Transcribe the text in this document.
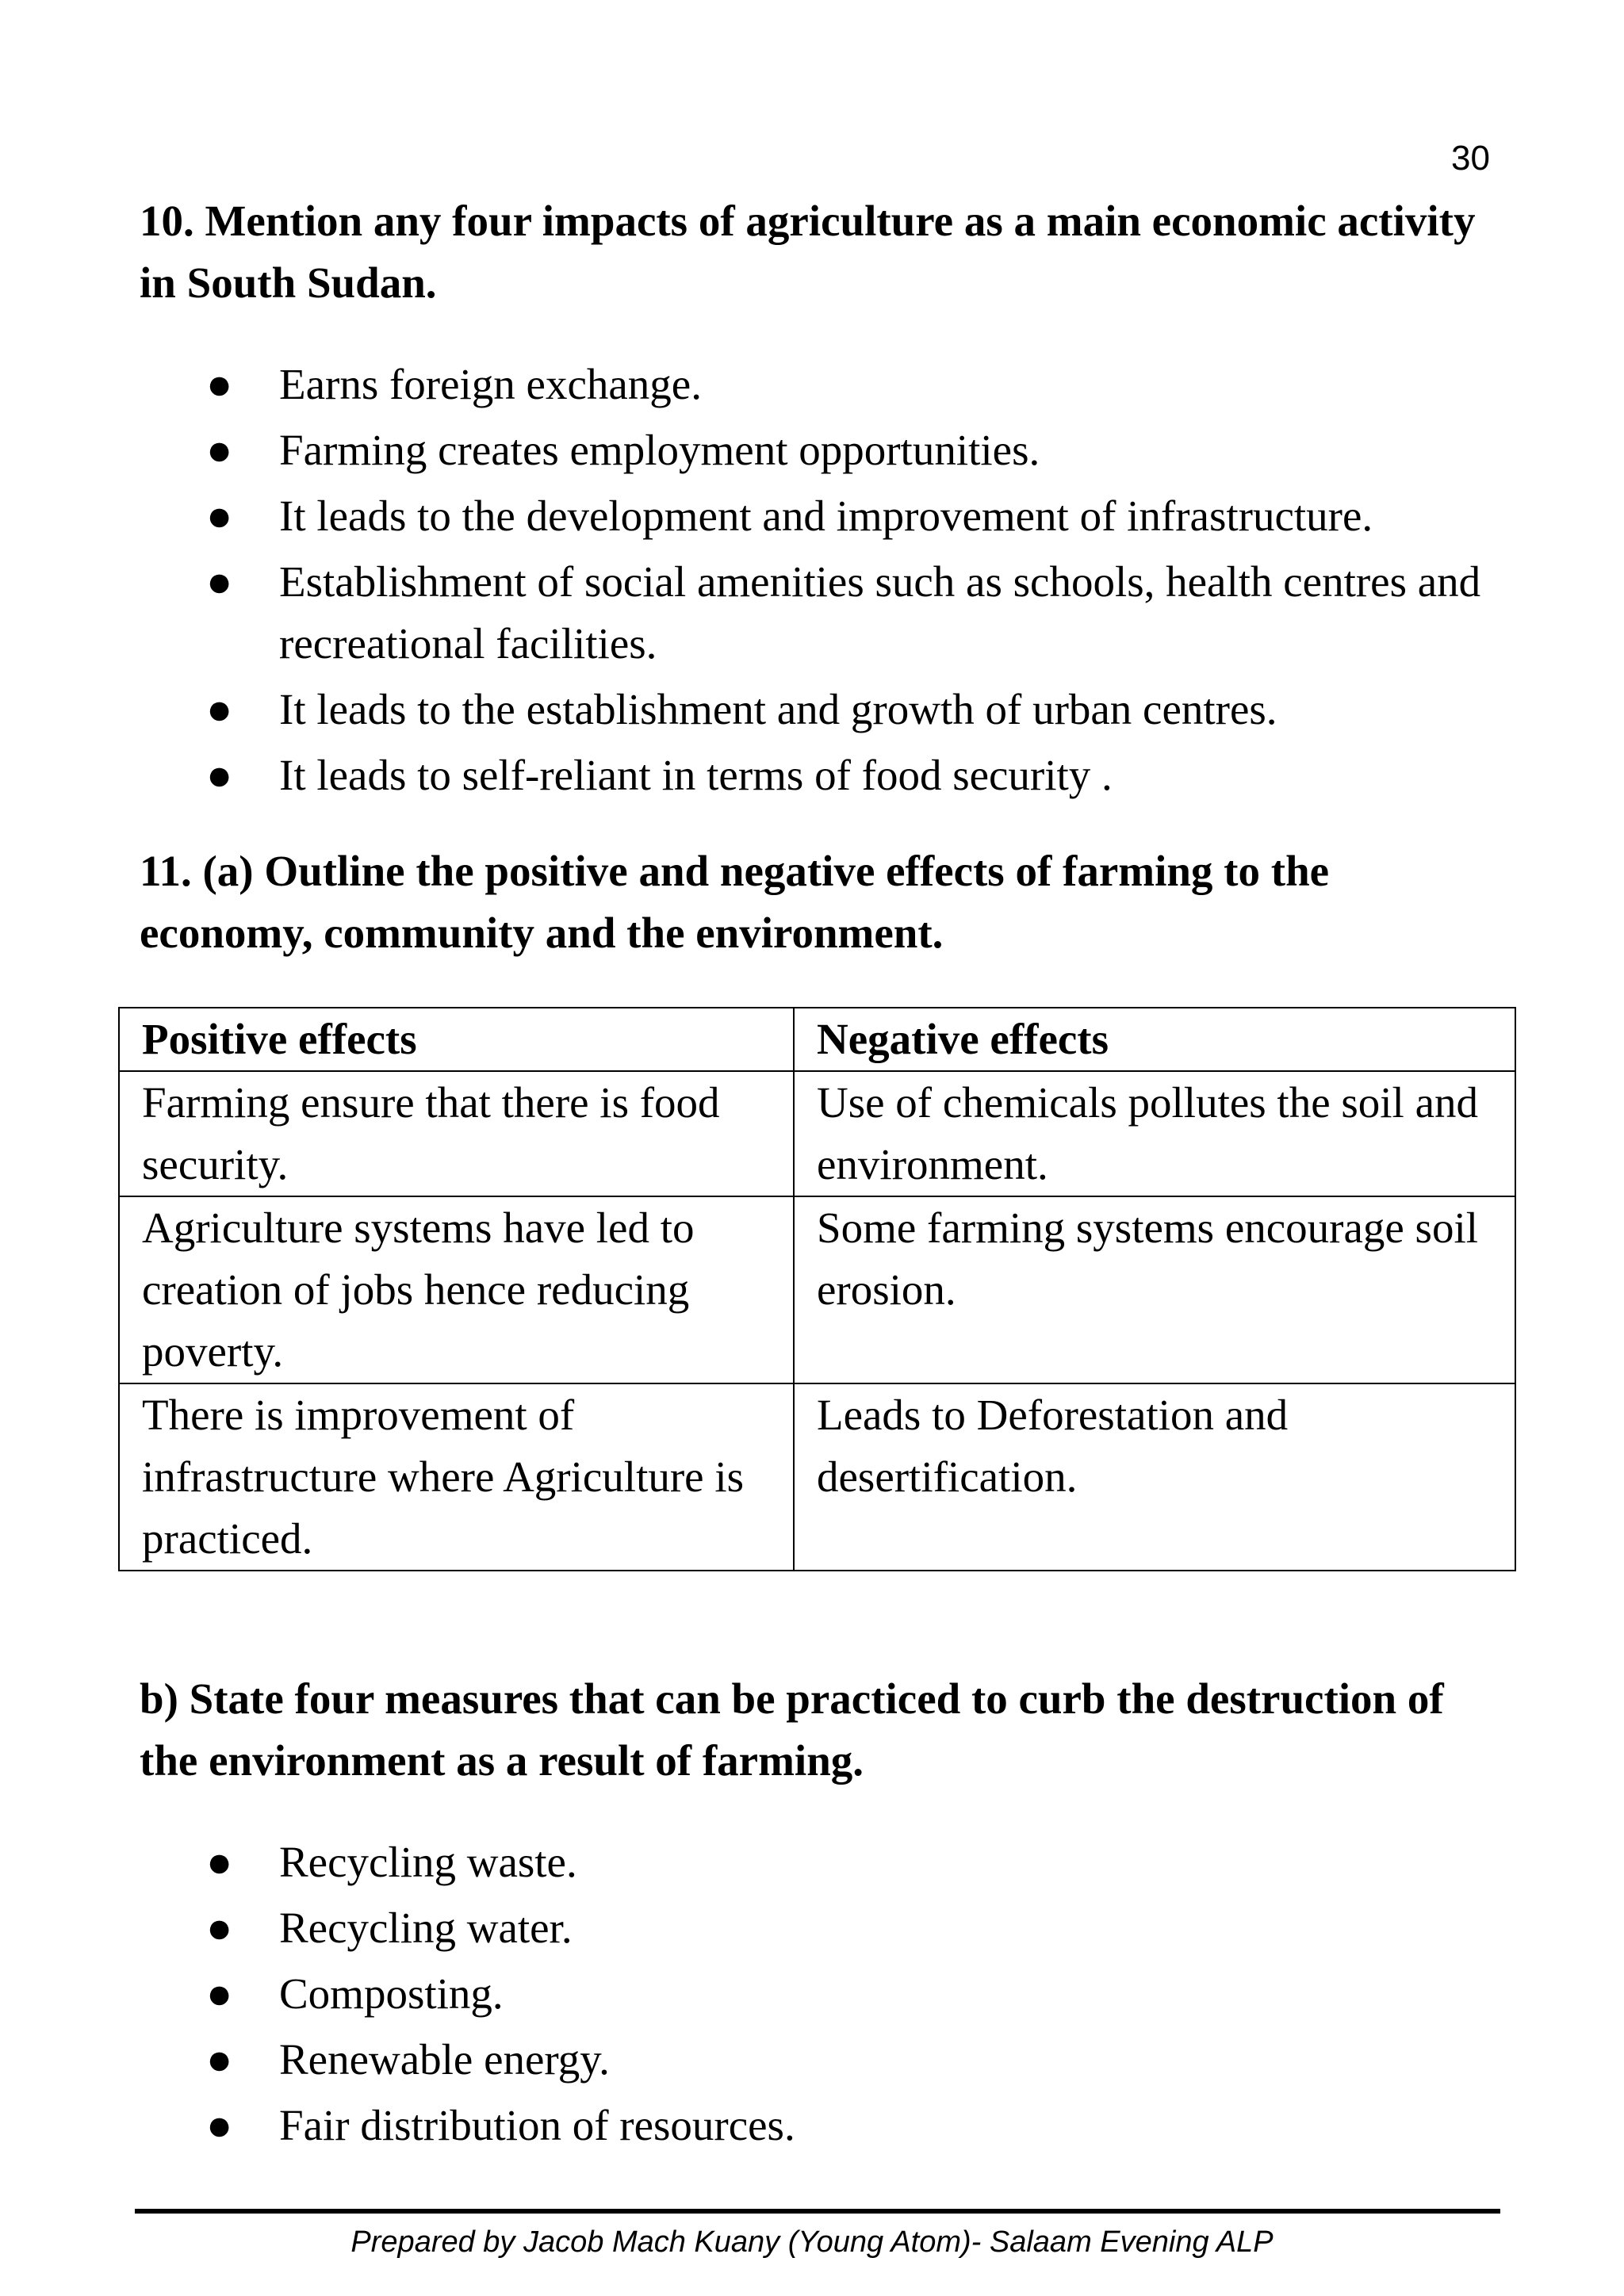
30

10. Mention any four impacts of agriculture as a main economic activity in South Sudan.

● Earns foreign exchange.
● Farming creates employment opportunities.
● It leads to the development and improvement of infrastructure.
● Establishment of social amenities such as schools, health centres and recreational facilities.
● It leads to the establishment and growth of urban centres.
● It leads to self-reliant in terms of food security .

11. (a) Outline the positive and negative effects of farming to the economy, community and the environment.

Positive effects	Negative effects
Farming ensure that there is food security.	Use of chemicals pollutes the soil and environment.
Agriculture systems have led to creation of jobs hence reducing poverty.	Some farming systems encourage soil erosion.
There is improvement of infrastructure where Agriculture is practiced.	Leads to Deforestation and desertification.

b) State four measures that can be practiced to curb the destruction of the environment as a result of farming.

● Recycling waste.
● Recycling water.
● Composting.
● Renewable energy.
● Fair distribution of resources.
Prepared by Jacob Mach Kuany (Young Atom)- Salaam Evening ALP
